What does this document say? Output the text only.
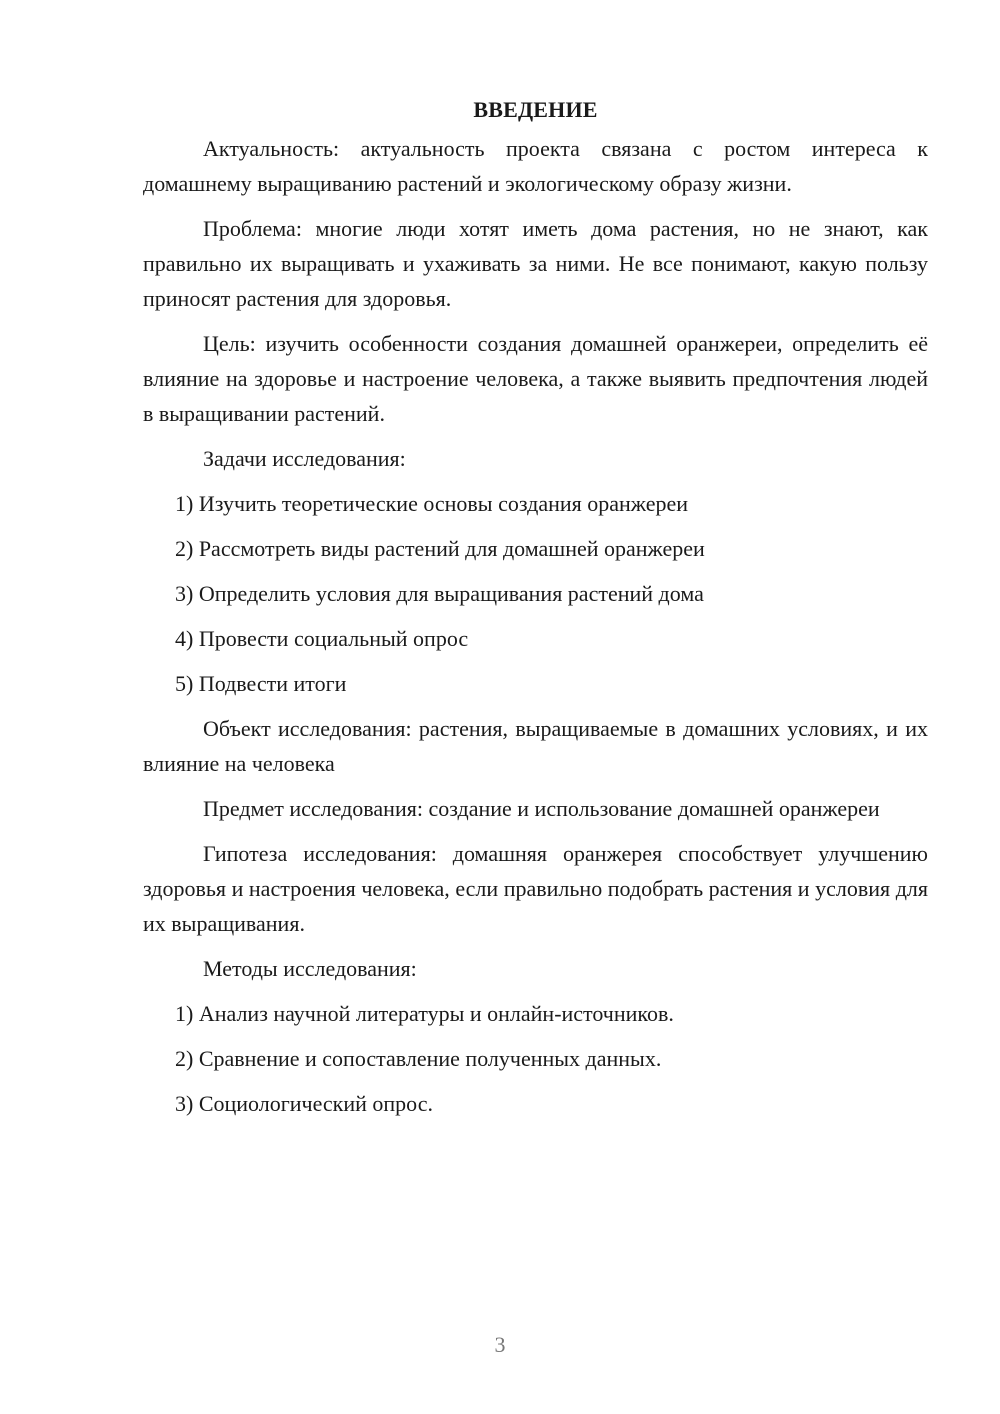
ВВЕДЕНИЕ

Актуальность: актуальность проекта связана с ростом интереса к домашнему выращиванию растений и экологическому образу жизни.

Проблема: многие люди хотят иметь дома растения, но не знают, как правильно их выращивать и ухаживать за ними. Не все понимают, какую пользу приносят растения для здоровья.

Цель: изучить особенности создания домашней оранжереи, определить её влияние на здоровье и настроение человека, а также выявить предпочтения людей в выращивании растений.

Задачи исследования:

1) Изучить теоретические основы создания оранжереи
2) Рассмотреть виды растений для домашней оранжереи
3) Определить условия для выращивания растений дома
4) Провести социальный опрос
5) Подвести итоги

Объект исследования: растения, выращиваемые в домашних условиях, и их влияние на человека

Предмет исследования: создание и использование домашней оранжереи

Гипотеза исследования: домашняя оранжерея способствует улучшению здоровья и настроения человека, если правильно подобрать растения и условия для их выращивания.

Методы исследования:

1) Анализ научной литературы и онлайн-источников.
2) Сравнение и сопоставление полученных данных.
3) Социологический опрос.
3
